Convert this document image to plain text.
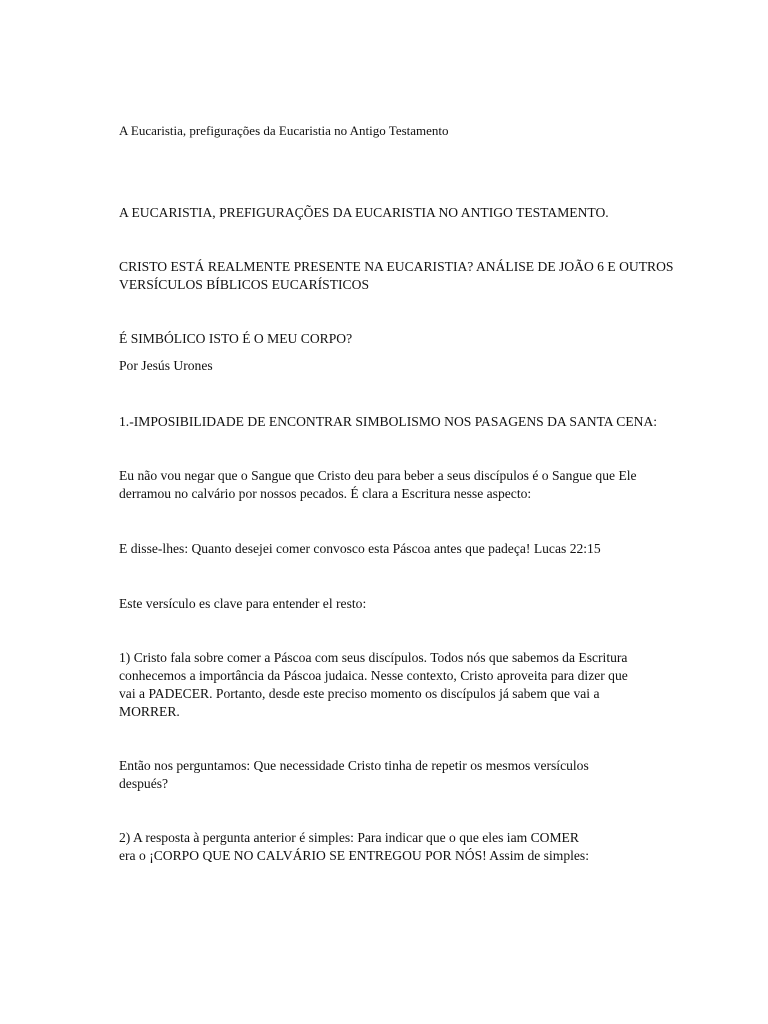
A Eucaristia, prefigurações da Eucaristia no Antigo Testamento

A EUCARISTIA, PREFIGURAÇÕES DA EUCARISTIA NO ANTIGO TESTAMENTO.

CRISTO ESTÁ REALMENTE PRESENTE NA EUCARISTIA? ANÁLISE DE JOÃO 6 E OUTROS

VERSÍCULOS BÍBLICOS EUCARÍSTICOS

É SIMBÓLICO ISTO É O MEU CORPO?

Por Jesús Urones

1.-IMPOSIBILIDADE DE ENCONTRAR SIMBOLISMO NOS PASAGENS DA SANTA CENA:

Eu não vou negar que o Sangue que Cristo deu para beber a seus discípulos é o Sangue que Ele

derramou no calvário por nossos pecados. É clara a Escritura nesse aspecto:

E disse-lhes: Quanto desejei comer convosco esta Páscoa antes que padeça! Lucas 22:15

Este versículo es clave para entender el resto:

1) Cristo fala sobre comer a Páscoa com seus discípulos. Todos nós que sabemos da Escritura

conhecemos a importância da Páscoa judaica. Nesse contexto, Cristo aproveita para dizer que

vai a PADECER. Portanto, desde este preciso momento os discípulos já sabem que vai a

MORRER.

Então nos perguntamos: Que necessidade Cristo tinha de repetir os mesmos versículos

después?

2) A resposta à pergunta anterior é simples: Para indicar que o que eles iam COMER

era o ¡CORPO QUE NO CALVÁRIO SE ENTREGOU POR NÓS! Assim de simples:
